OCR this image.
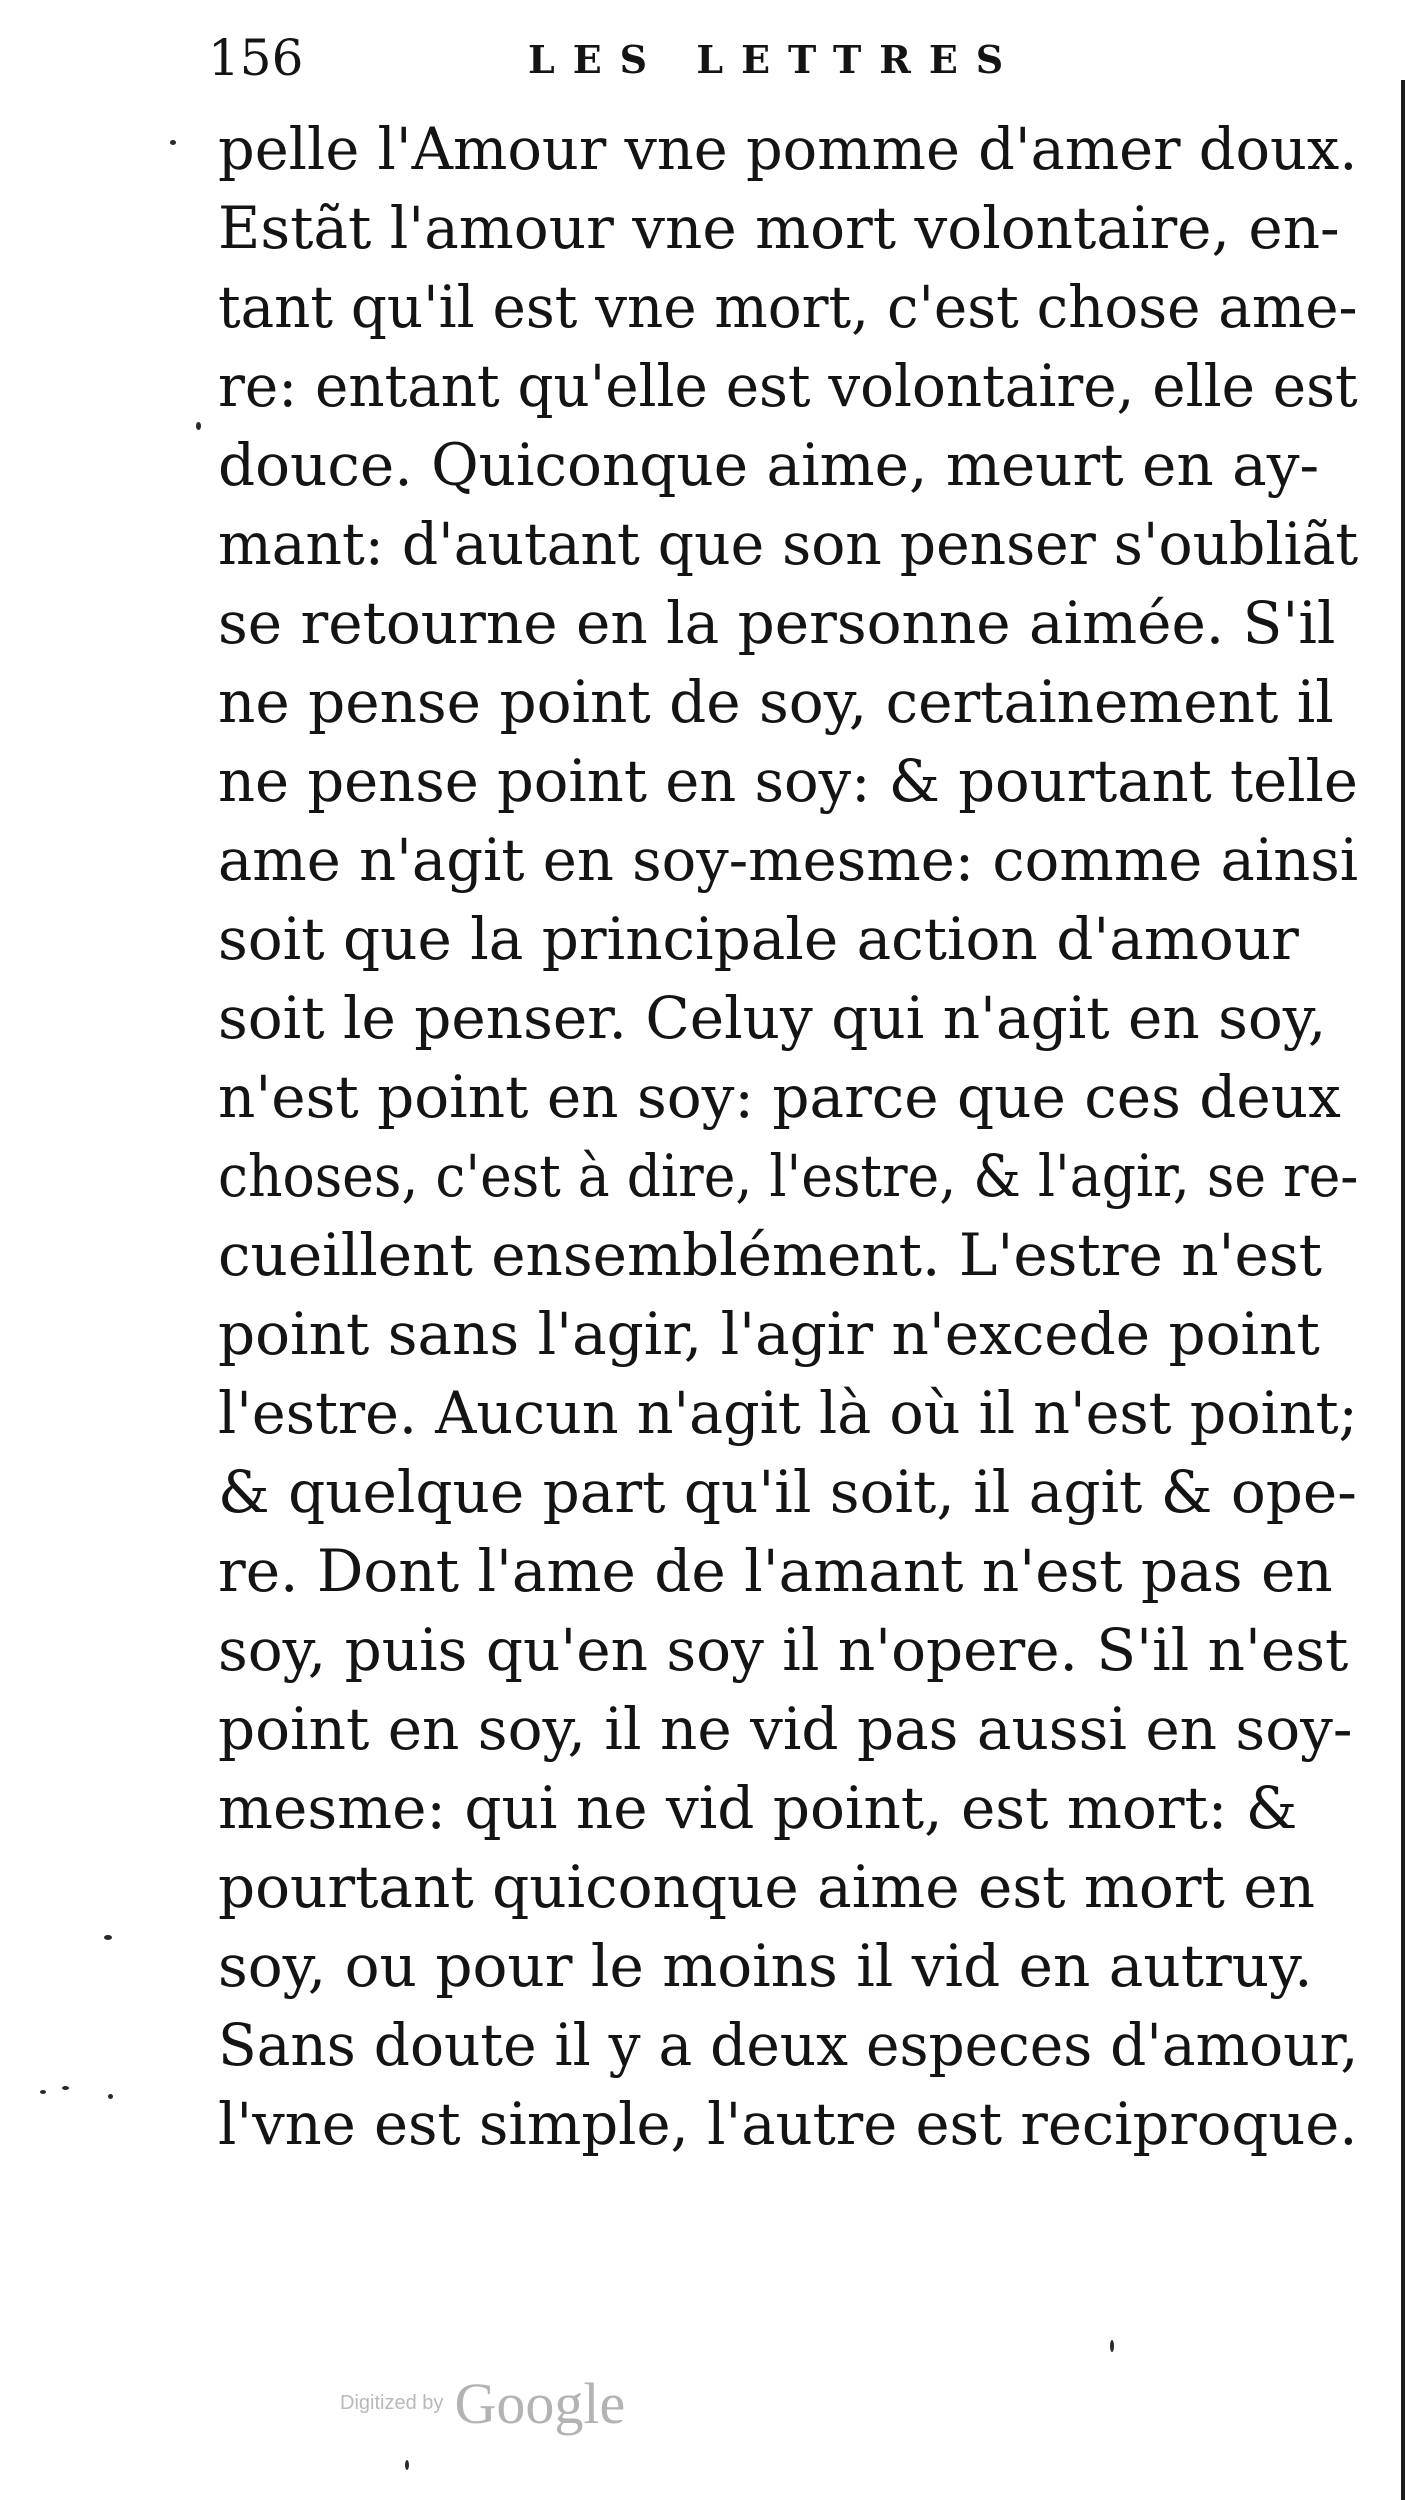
156	LES LETTRES
pelle l'Amour vne pomme d'amer doux.
Estãt l'amour vne mort volontaire, en-
tant qu'il est vne mort, c'est chose ame-
re: entant qu'elle est volontaire, elle est
douce. Quiconque aime, meurt en ay-
mant: d'autant que son penser s'oubliãt
se retourne en la personne aimée. S'il
ne pense point de soy, certainement il
ne pense point en soy: & pourtant telle
ame n'agit en soy-mesme: comme ainsi
soit que la principale action d'amour
soit le penser. Celuy qui n'agit en soy,
n'est point en soy: parce que ces deux
choses, c'est à dire, l'estre, & l'agir, se re-
cueillent ensemblément. L'estre n'est
point sans l'agir, l'agir n'excede point
l'estre. Aucun n'agit là où il n'est point;
& quelque part qu'il soit, il agit & ope-
re. Dont l'ame de l'amant n'est pas en
soy, puis qu'en soy il n'opere. S'il n'est
point en soy, il ne vid pas aussi en soy-
mesme: qui ne vid point, est mort: &
pourtant quiconque aime est mort en
soy, ou pour le moins il vid en autruy.
Sans doute il y a deux especes d'amour,
l'vne est simple, l'autre est reciproque.
Digitized by Google
